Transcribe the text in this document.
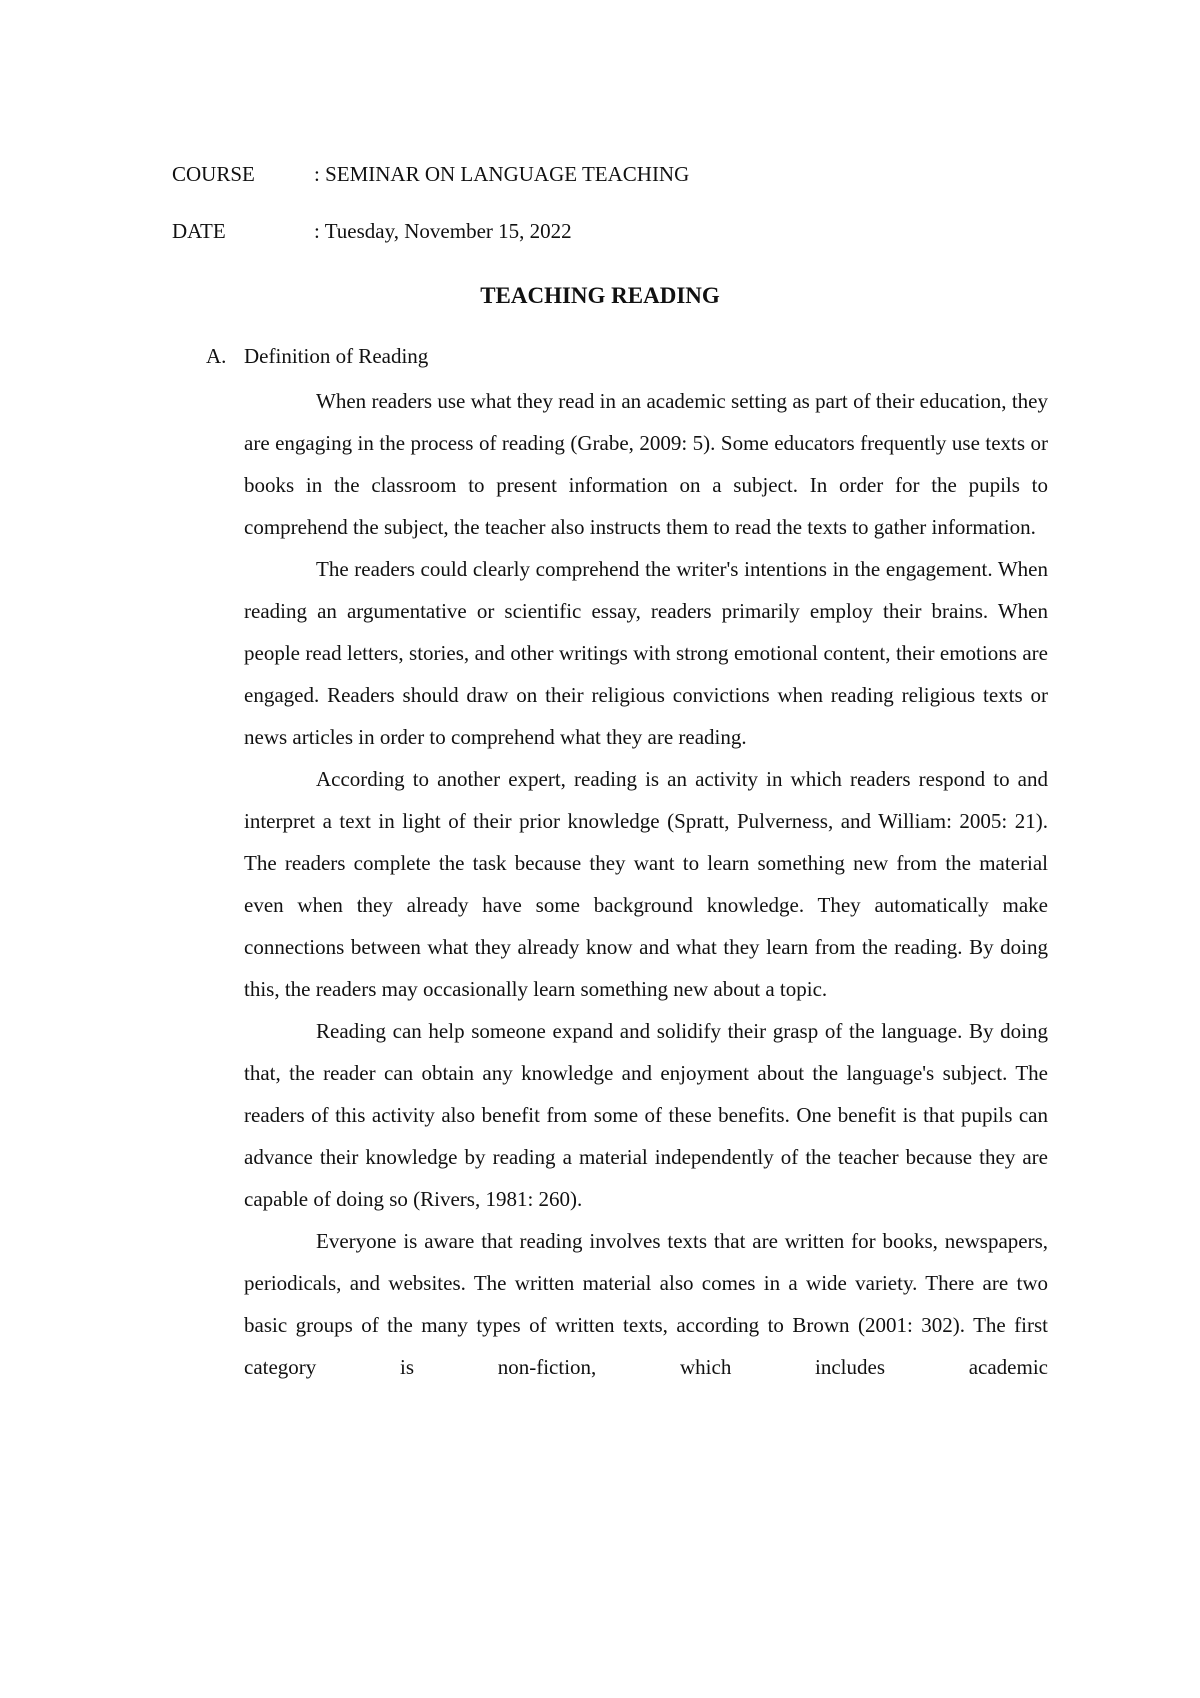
COURSE	: SEMINAR ON LANGUAGE TEACHING
DATE	: Tuesday, November 15, 2022
TEACHING READING
A. Definition of Reading

When readers use what they read in an academic setting as part of their education, they are engaging in the process of reading (Grabe, 2009: 5). Some educators frequently use texts or books in the classroom to present information on a subject. In order for the pupils to comprehend the subject, the teacher also instructs them to read the texts to gather information.

The readers could clearly comprehend the writer's intentions in the engagement. When reading an argumentative or scientific essay, readers primarily employ their brains. When people read letters, stories, and other writings with strong emotional content, their emotions are engaged. Readers should draw on their religious convictions when reading religious texts or news articles in order to comprehend what they are reading.

According to another expert, reading is an activity in which readers respond to and interpret a text in light of their prior knowledge (Spratt, Pulverness, and William: 2005: 21). The readers complete the task because they want to learn something new from the material even when they already have some background knowledge. They automatically make connections between what they already know and what they learn from the reading. By doing this, the readers may occasionally learn something new about a topic.

Reading can help someone expand and solidify their grasp of the language. By doing that, the reader can obtain any knowledge and enjoyment about the language's subject. The readers of this activity also benefit from some of these benefits. One benefit is that pupils can advance their knowledge by reading a material independently of the teacher because they are capable of doing so (Rivers, 1981: 260).

Everyone is aware that reading involves texts that are written for books, newspapers, periodicals, and websites. The written material also comes in a wide variety. There are two basic groups of the many types of written texts, according to Brown (2001: 302). The first category is non-fiction, which includes academic
